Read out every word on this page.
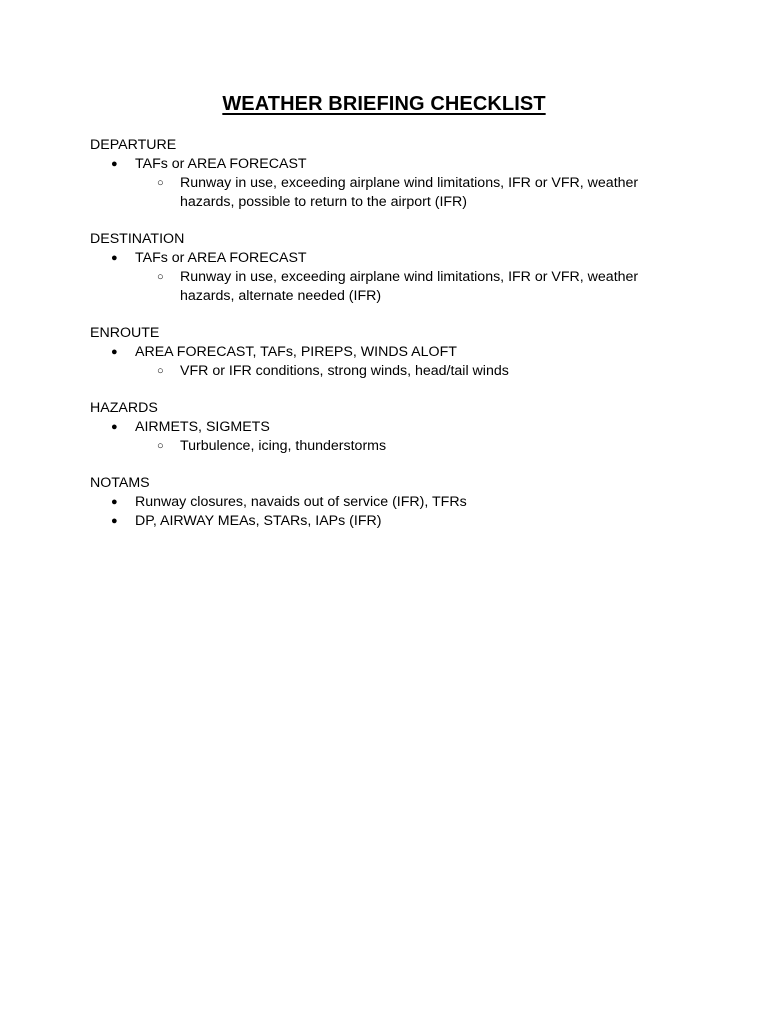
WEATHER BRIEFING CHECKLIST

DEPARTURE

● TAFs or AREA FORECAST
○ Runway in use, exceeding airplane wind limitations, IFR or VFR, weather hazards, possible to return to the airport (IFR)

DESTINATION

● TAFs or AREA FORECAST
○ Runway in use, exceeding airplane wind limitations, IFR or VFR, weather hazards, alternate needed (IFR)

ENROUTE

● AREA FORECAST, TAFs, PIREPS, WINDS ALOFT
○ VFR or IFR conditions, strong winds, head/tail winds

HAZARDS

● AIRMETS, SIGMETS
○ Turbulence, icing, thunderstorms

NOTAMS

● Runway closures, navaids out of service (IFR), TFRs
● DP, AIRWAY MEAs, STARs, IAPs (IFR)
